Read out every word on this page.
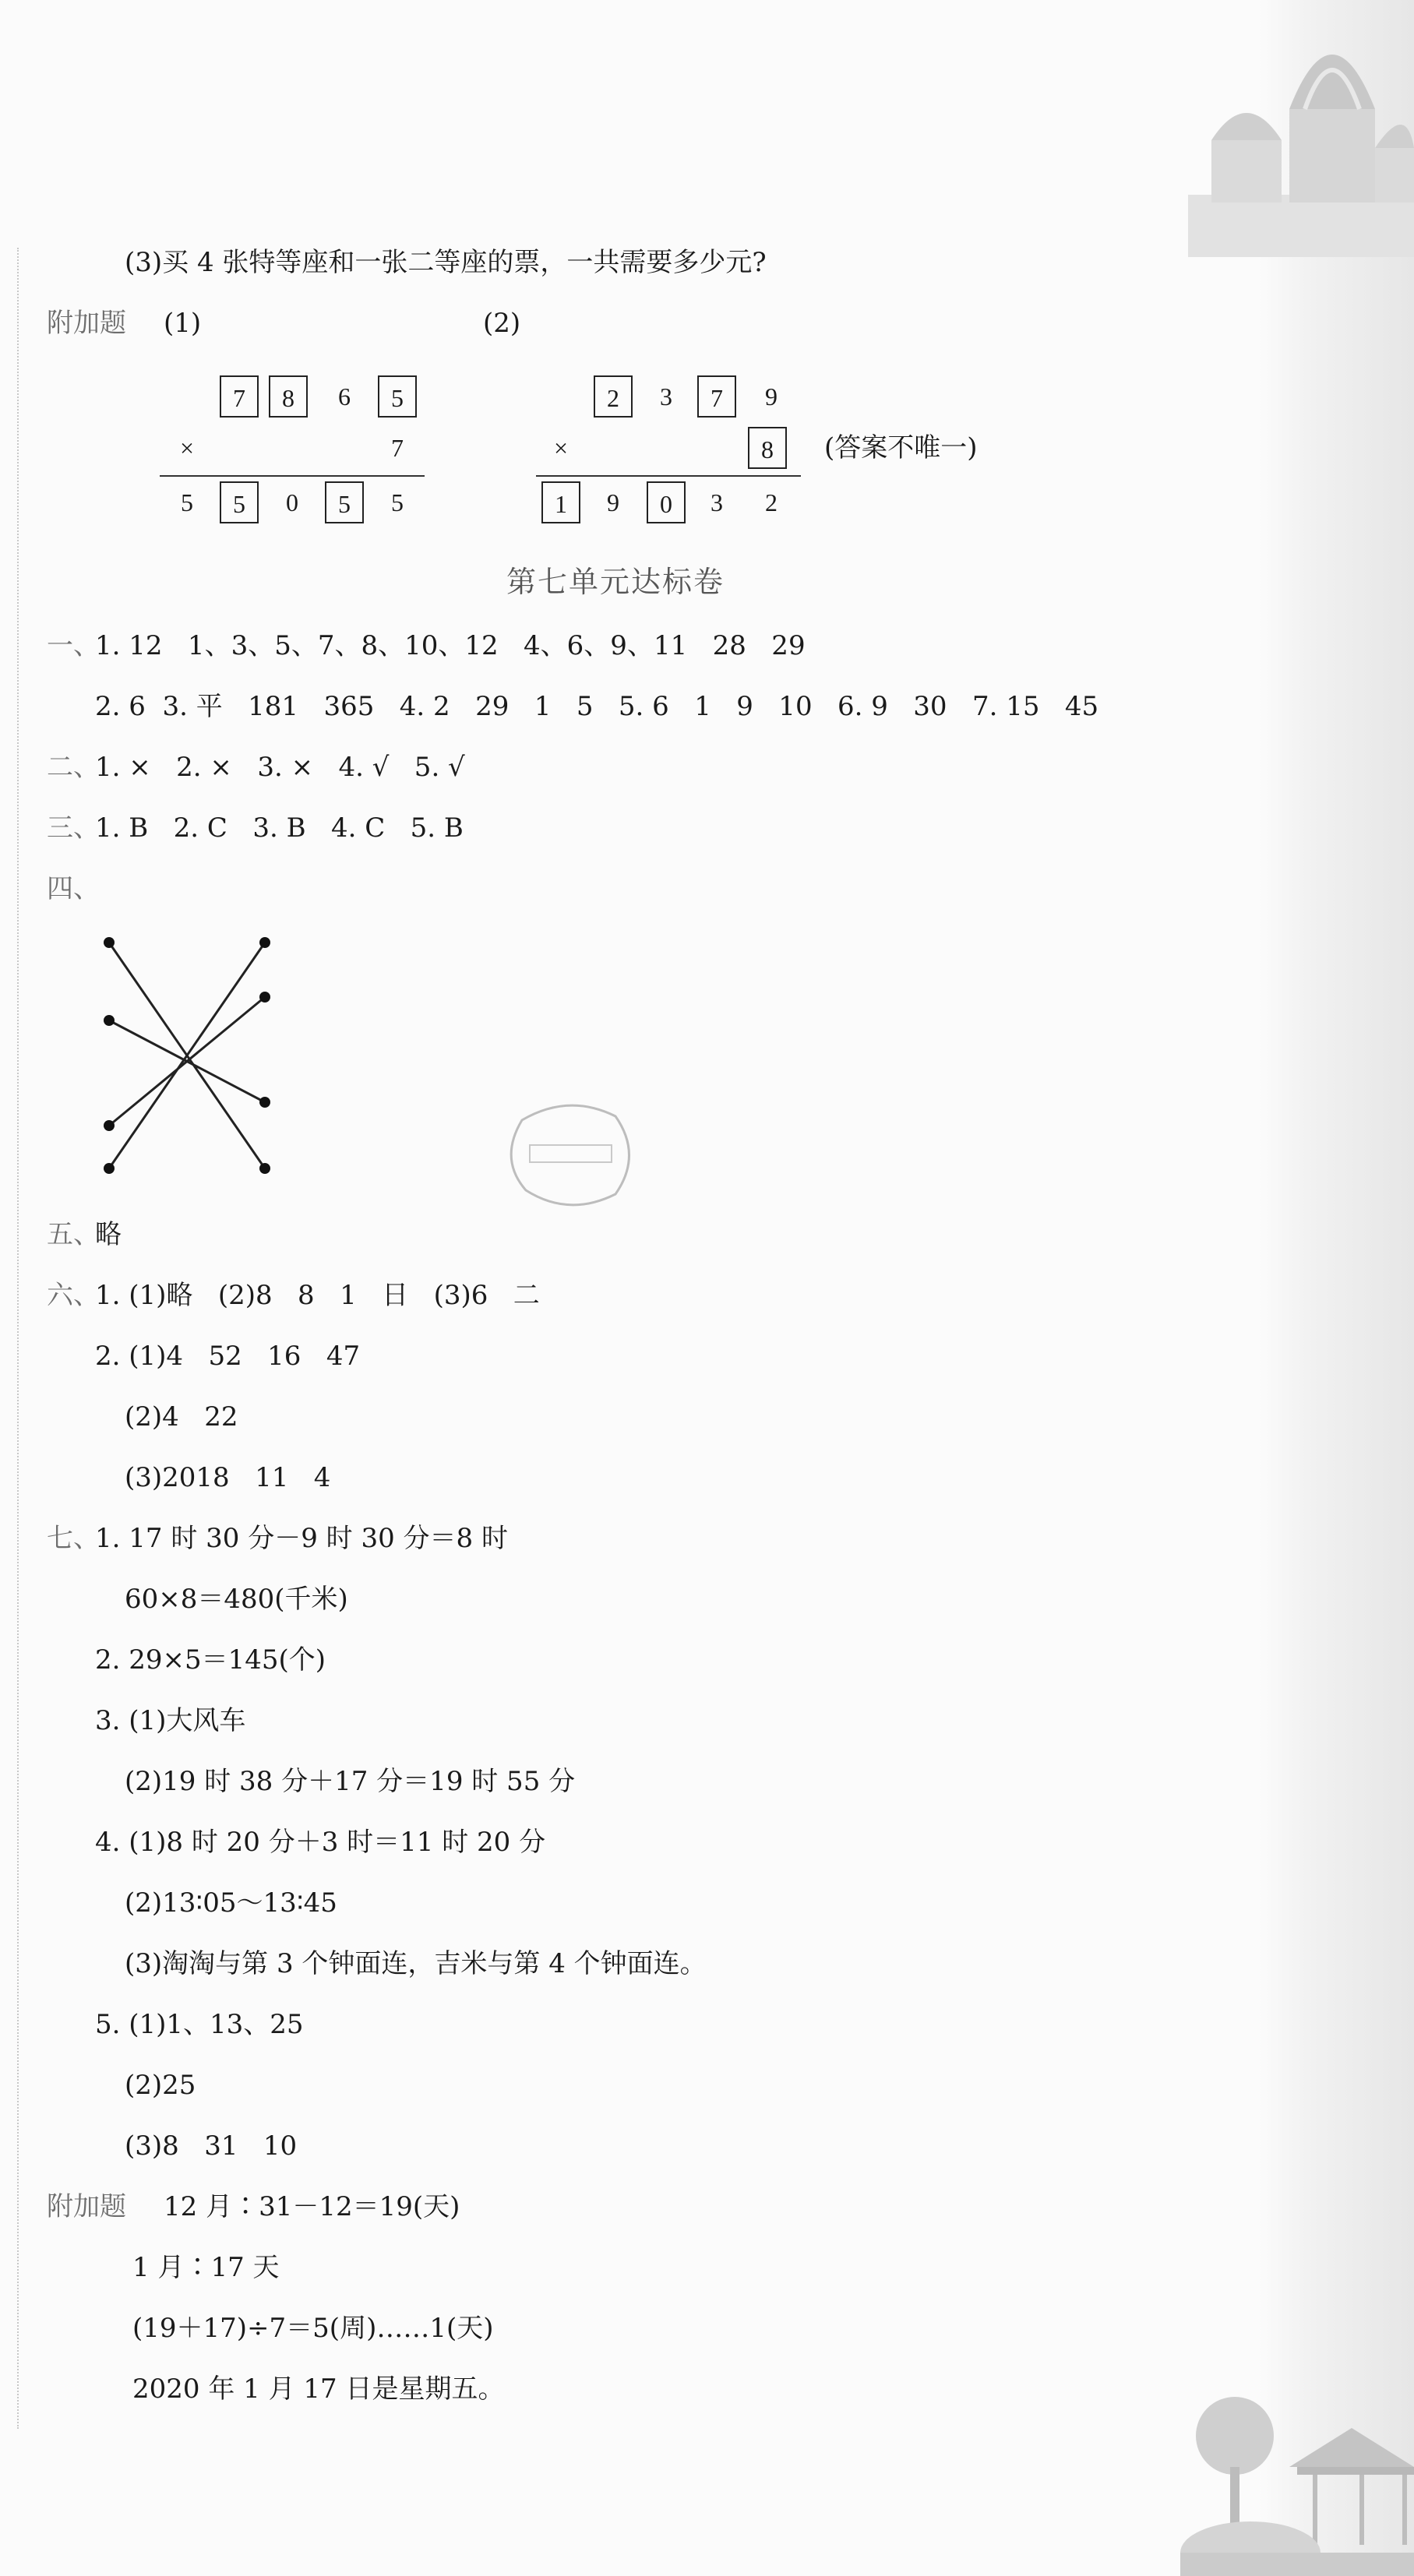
(3)买 4 张特等座和一张二等座的票，一共需要多少元?
附加题 (1)	(2)
7	8	6	5
×	7
5	5	0	5	5
2	3	7	9
×	8	(答案不唯一)
1	9	0	3	2
第七单元达标卷
一、
1. 12   1、3、5、7、8、10、12   4、6、9、11   28   29
2. 6  3. 平   181   365   4. 2   29   1   5   5. 6   1   9   10   6. 9   30   7. 15   45
二、
1. ×   2. ×   3. ×   4. √   5. √
三、
1. B   2. C   3. B   4. C   5. B
四、
五、
略
六、
1. (1)略   (2)8   8   1   日   (3)6   二
2. (1)4   52   16   47
(2)4   22
(3)2018   11   4
七、
1. 17 时 30 分－9 时 30 分＝8 时
60×8＝480(千米)
2. 29×5＝145(个)
3. (1)大风车
(2)19 时 38 分＋17 分＝19 时 55 分
4. (1)8 时 20 分＋3 时＝11 时 20 分
(2)13∶05～13∶45
(3)淘淘与第 3 个钟面连，吉米与第 4 个钟面连。
5. (1)1、13、25
(2)25
(3)8   31   10
附加题 12 月∶31－12＝19(天)
1 月∶17 天
(19＋17)÷7＝5(周)……1(天)
2020 年 1 月 17 日是星期五。
